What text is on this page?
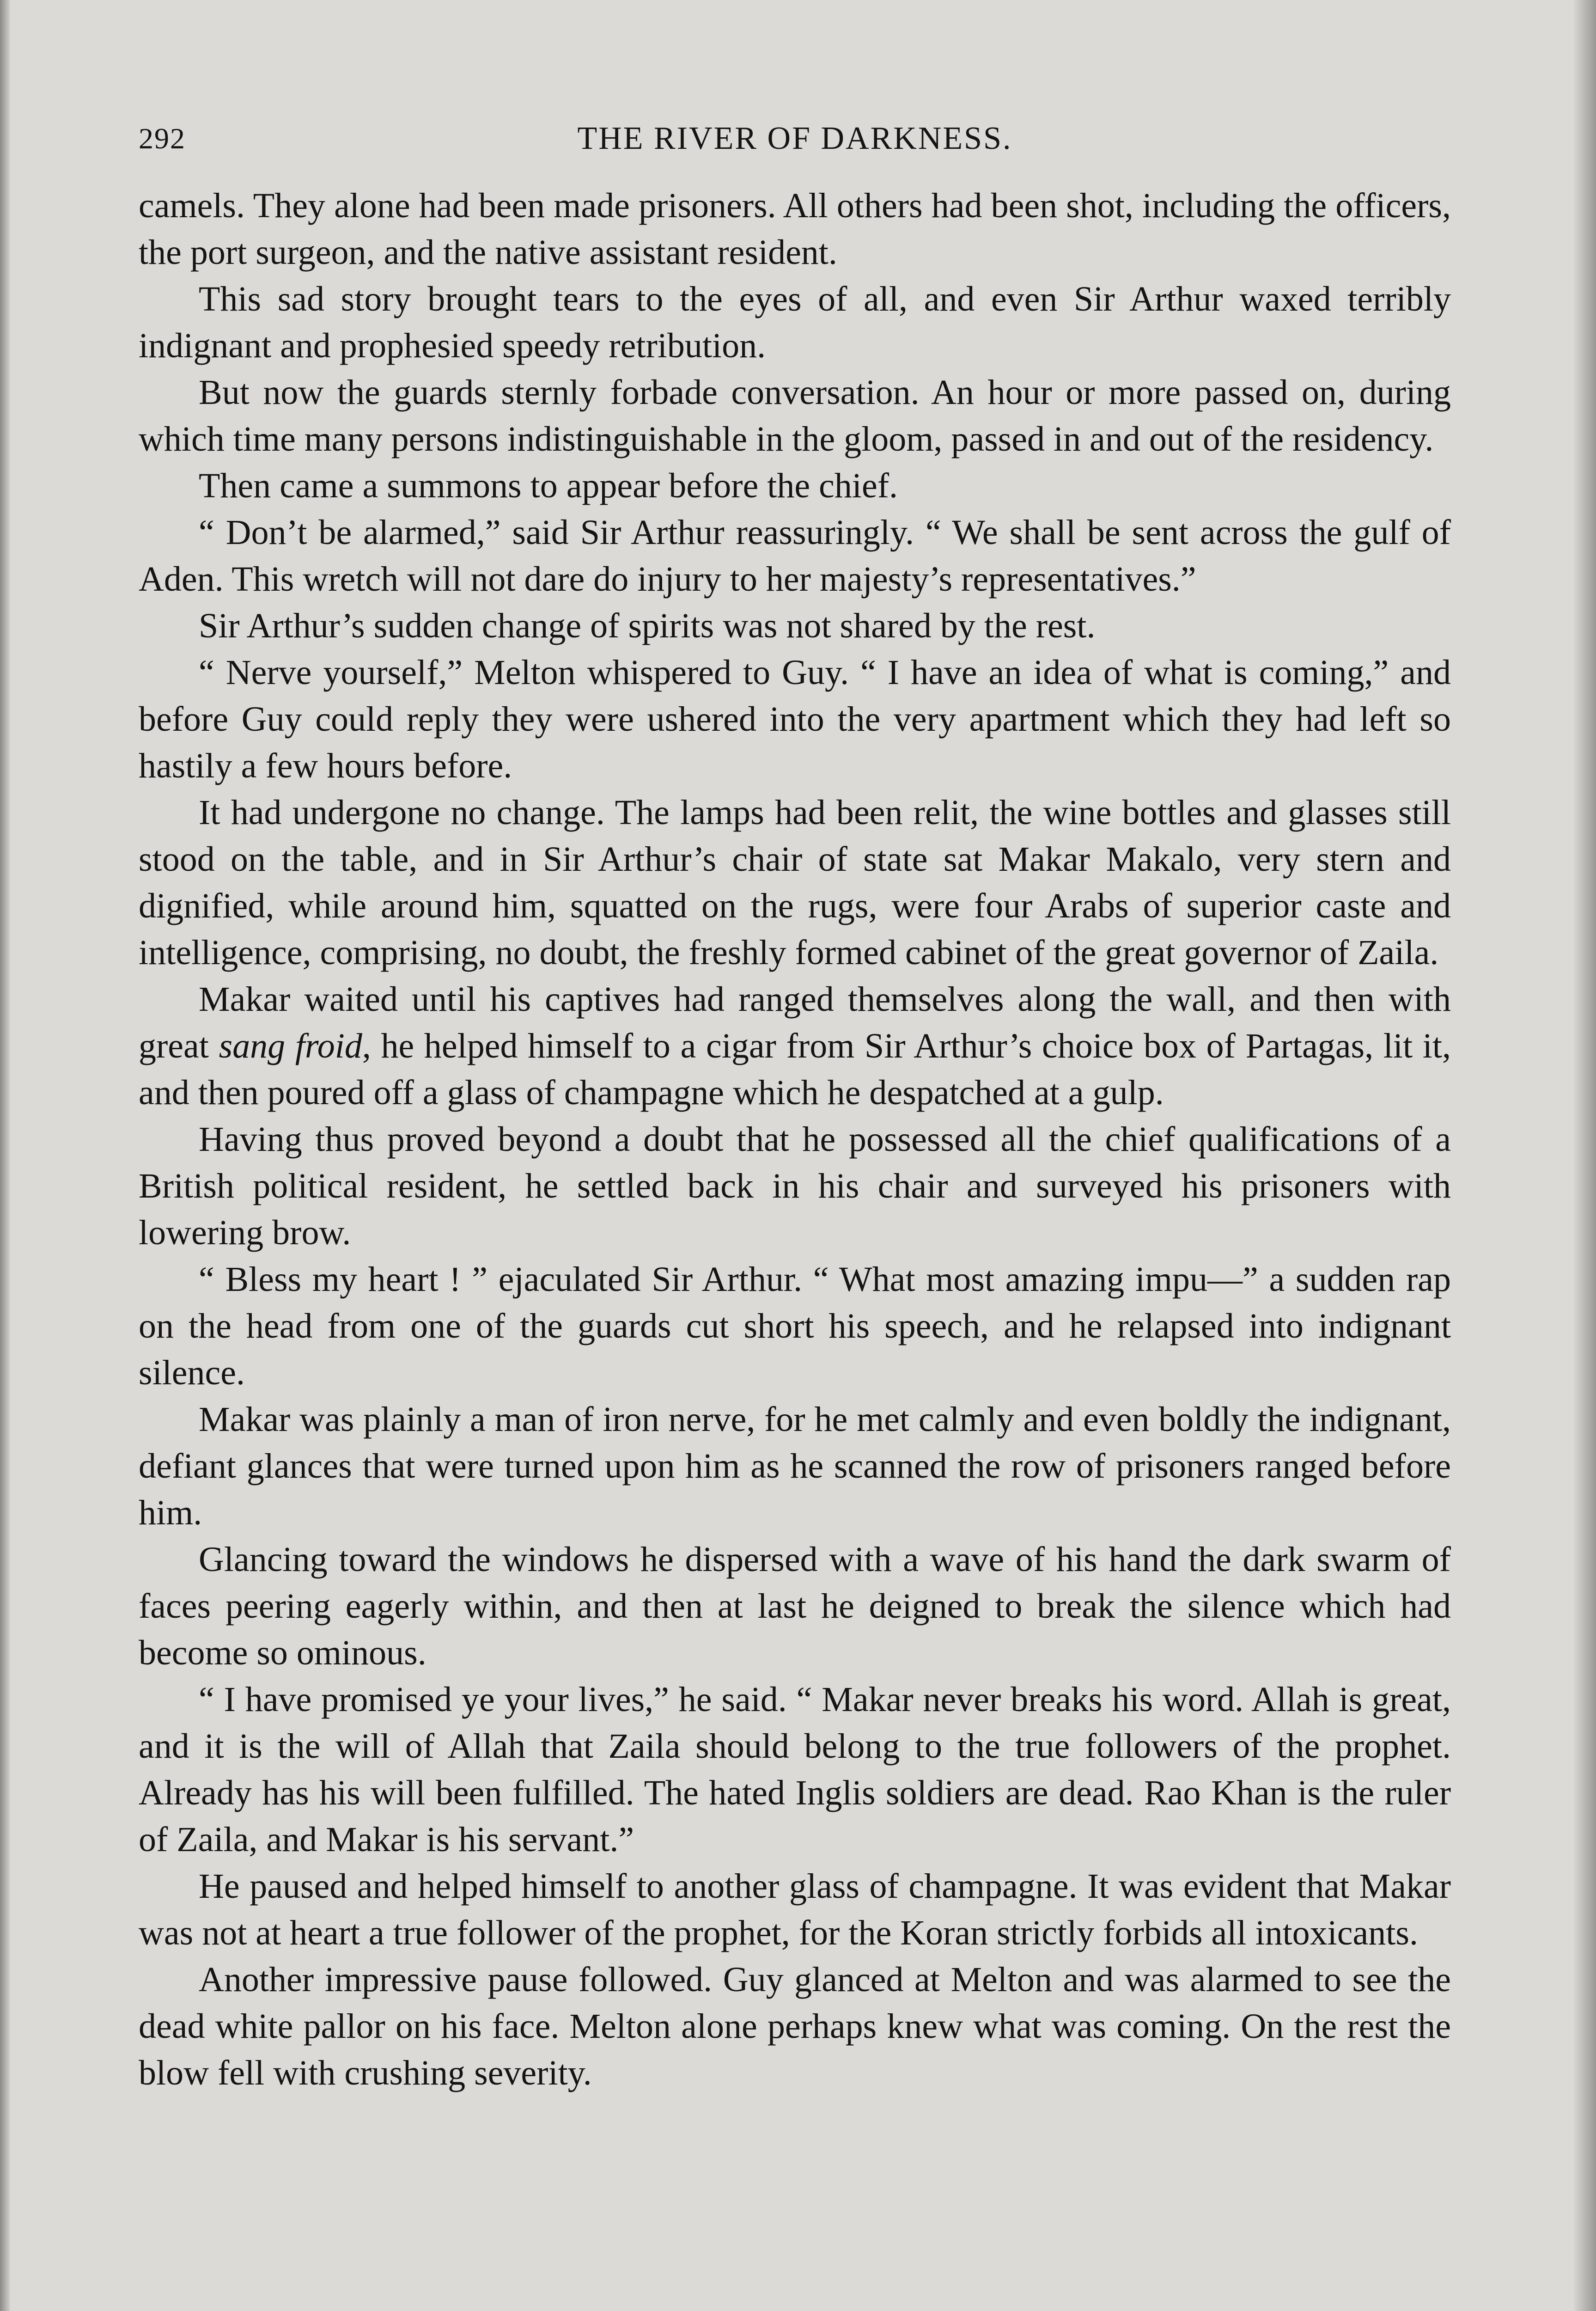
292	THE RIVER OF DARKNESS.

camels. They alone had been made prisoners. All others had been shot, including the officers, the port surgeon, and the native assistant resident.

This sad story brought tears to the eyes of all, and even Sir Arthur waxed terribly indignant and prophesied speedy retribution.

But now the guards sternly forbade conversation. An hour or more passed on, during which time many persons indistinguishable in the gloom, passed in and out of the residency.

Then came a summons to appear before the chief.

“ Don’t be alarmed,” said Sir Arthur reassuringly. “ We shall be sent across the gulf of Aden. This wretch will not dare do injury to her majesty’s representatives.”

Sir Arthur’s sudden change of spirits was not shared by the rest.

“ Nerve yourself,” Melton whispered to Guy. “ I have an idea of what is coming,” and before Guy could reply they were ushered into the very apartment which they had left so hastily a few hours before.

It had undergone no change. The lamps had been relit, the wine bottles and glasses still stood on the table, and in Sir Arthur’s chair of state sat Makar Makalo, very stern and dignified, while around him, squatted on the rugs, were four Arabs of superior caste and intelligence, comprising, no doubt, the freshly formed cabinet of the great governor of Zaila.

Makar waited until his captives had ranged themselves along the wall, and then with great sang froid, he helped himself to a cigar from Sir Arthur’s choice box of Partagas, lit it, and then poured off a glass of champagne which he despatched at a gulp.

Having thus proved beyond a doubt that he possessed all the chief qualifications of a British political resident, he settled back in his chair and surveyed his prisoners with lowering brow.

“ Bless my heart ! ” ejaculated Sir Arthur. “ What most amazing impu—” a sudden rap on the head from one of the guards cut short his speech, and he relapsed into indignant silence.

Makar was plainly a man of iron nerve, for he met calmly and even boldly the indignant, defiant glances that were turned upon him as he scanned the row of prisoners ranged before him.

Glancing toward the windows he dispersed with a wave of his hand the dark swarm of faces peering eagerly within, and then at last he deigned to break the silence which had become so ominous.

“ I have promised ye your lives,” he said. “ Makar never breaks his word. Allah is great, and it is the will of Allah that Zaila should belong to the true followers of the prophet. Already has his will been fulfilled. The hated Inglis soldiers are dead. Rao Khan is the ruler of Zaila, and Makar is his servant.”

He paused and helped himself to another glass of champagne. It was evident that Makar was not at heart a true follower of the prophet, for the Koran strictly forbids all intoxicants.

Another impressive pause followed. Guy glanced at Melton and was alarmed to see the dead white pallor on his face. Melton alone perhaps knew what was coming. On the rest the blow fell with crushing severity.
